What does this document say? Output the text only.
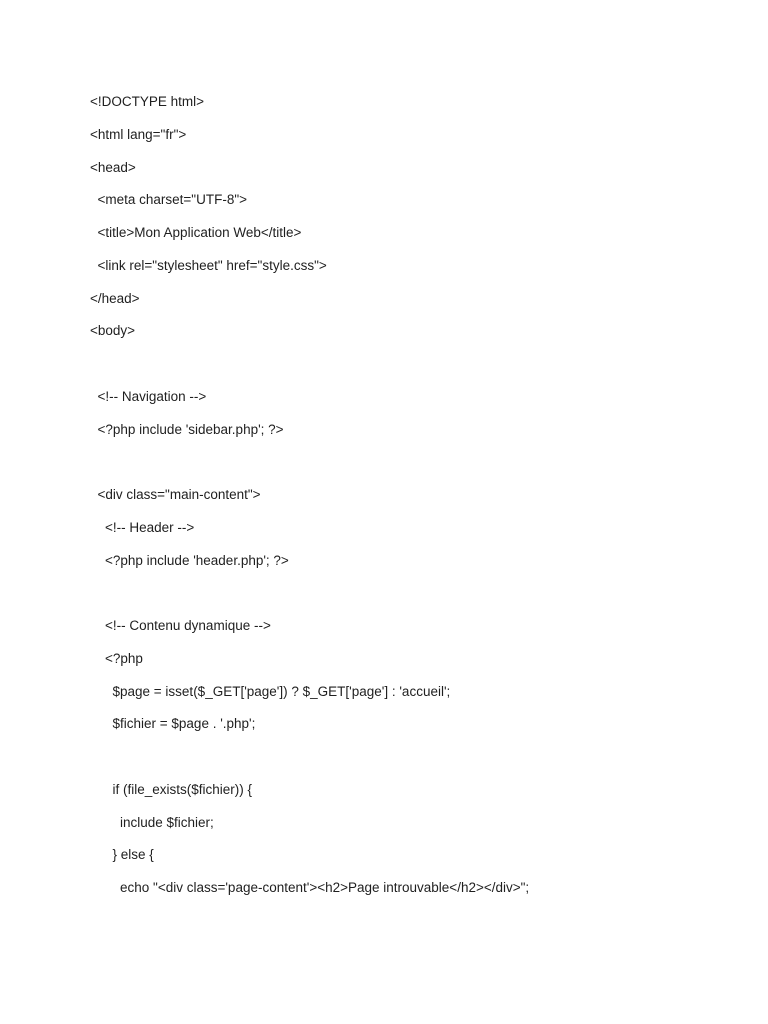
<!DOCTYPE html>
<html lang="fr">
<head>
<meta charset="UTF-8">
<title>Mon Application Web</title>
<link rel="stylesheet" href="style.css">
</head>
<body>
<!-- Navigation -->
<?php include 'sidebar.php'; ?>
<div class="main-content">
<!-- Header -->
<?php include 'header.php'; ?>
<!-- Contenu dynamique -->
<?php
$page = isset($_GET['page']) ? $_GET['page'] : 'accueil';
$fichier = $page . '.php';
if (file_exists($fichier)) {
include $fichier;
} else {
echo "<div class='page-content'><h2>Page introuvable</h2></div>";
